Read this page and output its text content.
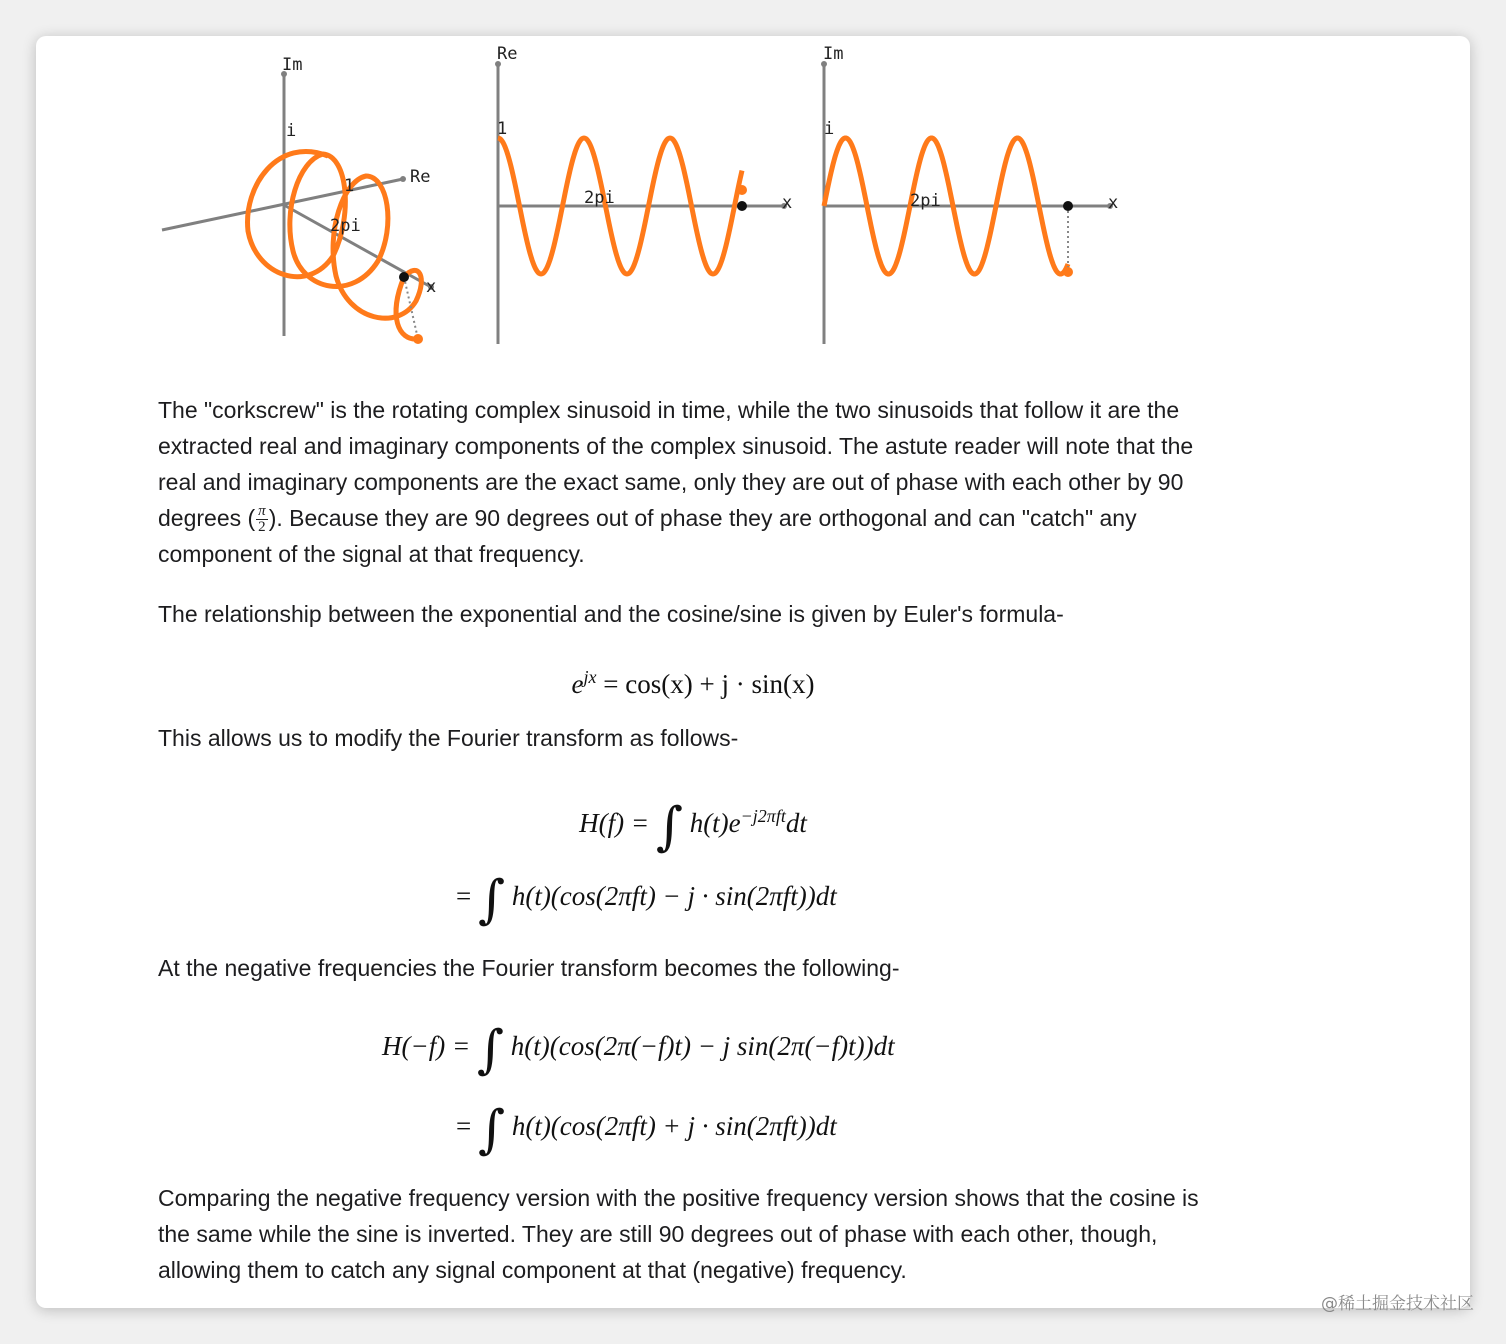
Im
i
Re
1
2pi
x
Re
1
2pi	x
Im
i
2pi	x

The "corkscrew" is the rotating complex sinusoid in time, while the two sinusoids that follow it are the extracted real and imaginary components of the complex sinusoid. The astute reader will note that the real and imaginary components are the exact same, only they are out of phase with each other by 90 degrees ( $\frac{\pi}{2}$ ). Because they are 90 degrees out of phase they are orthogonal and can "catch" any component of the signal at that frequency.

The relationship between the exponential and the cosine/sine is given by Euler's formula-

$e^{jx} = \cos(x) + j \cdot \sin(x)$

This allows us to modify the Fourier transform as follows-

H(f) = ∫ $h(t)e^{-j2\pi ft}dt$
= ∫ h(t)(cos(2πft) − j · sin(2πft))dt

At the negative frequencies the Fourier transform becomes the following-

H(−f) = ∫ h(t)(cos(2π(−f)t) − j sin(2π(−f)t))dt
= ∫ h(t)(cos(2πft) + j · sin(2πft))dt

Comparing the negative frequency version with the positive frequency version shows that the cosine is the same while the sine is inverted. They are still 90 degrees out of phase with each other, though, allowing them to catch any signal component at that (negative) frequency.

@稀土掘金技术社区
